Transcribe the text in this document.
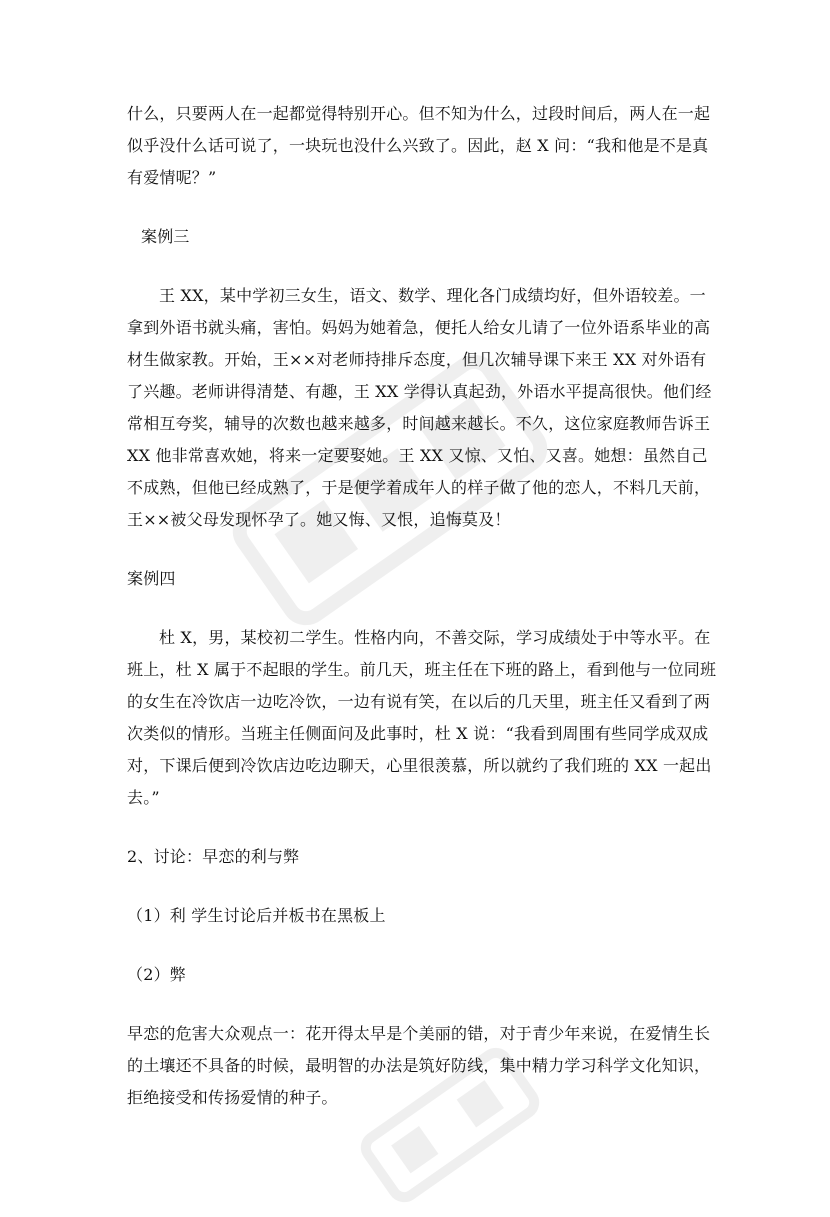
什么，只要两人在一起都觉得特别开心。但不知为什么，过段时间后，两人在一起似乎没什么话可说了，一块玩也没什么兴致了。因此，赵 X 问：“我和他是不是真有爱情呢？”

案例三

王 XX，某中学初三女生，语文、数学、理化各门成绩均好，但外语较差。一拿到外语书就头痛，害怕。妈妈为她着急，便托人给女儿请了一位外语系毕业的高材生做家教。开始，王××对老师持排斥态度，但几次辅导课下来王 XX 对外语有了兴趣。老师讲得清楚、有趣，王 XX 学得认真起劲，外语水平提高很快。他们经常相互夸奖，辅导的次数也越来越多，时间越来越长。不久，这位家庭教师告诉王 XX 他非常喜欢她，将来一定要娶她。王 XX 又惊、又怕、又喜。她想：虽然自己不成熟，但他已经成熟了，于是便学着成年人的样子做了他的恋人，不料几天前，王××被父母发现怀孕了。她又悔、又恨，追悔莫及！

案例四

杜 X，男，某校初二学生。性格内向，不善交际，学习成绩处于中等水平。在班上，杜 X 属于不起眼的学生。前几天，班主任在下班的路上，看到他与一位同班的女生在冷饮店一边吃冷饮，一边有说有笑，在以后的几天里，班主任又看到了两次类似的情形。当班主任侧面问及此事时，杜 X 说：“我看到周围有些同学成双成对，下课后便到冷饮店边吃边聊天，心里很羡慕，所以就约了我们班的 XX 一起出去。”

2、讨论：早恋的利与弊

（1）利 学生讨论后并板书在黑板上

（2）弊

早恋的危害大众观点一：花开得太早是个美丽的错，对于青少年来说，在爱情生长的土壤还不具备的时候，最明智的办法是筑好防线，集中精力学习科学文化知识，拒绝接受和传扬爱情的种子。
